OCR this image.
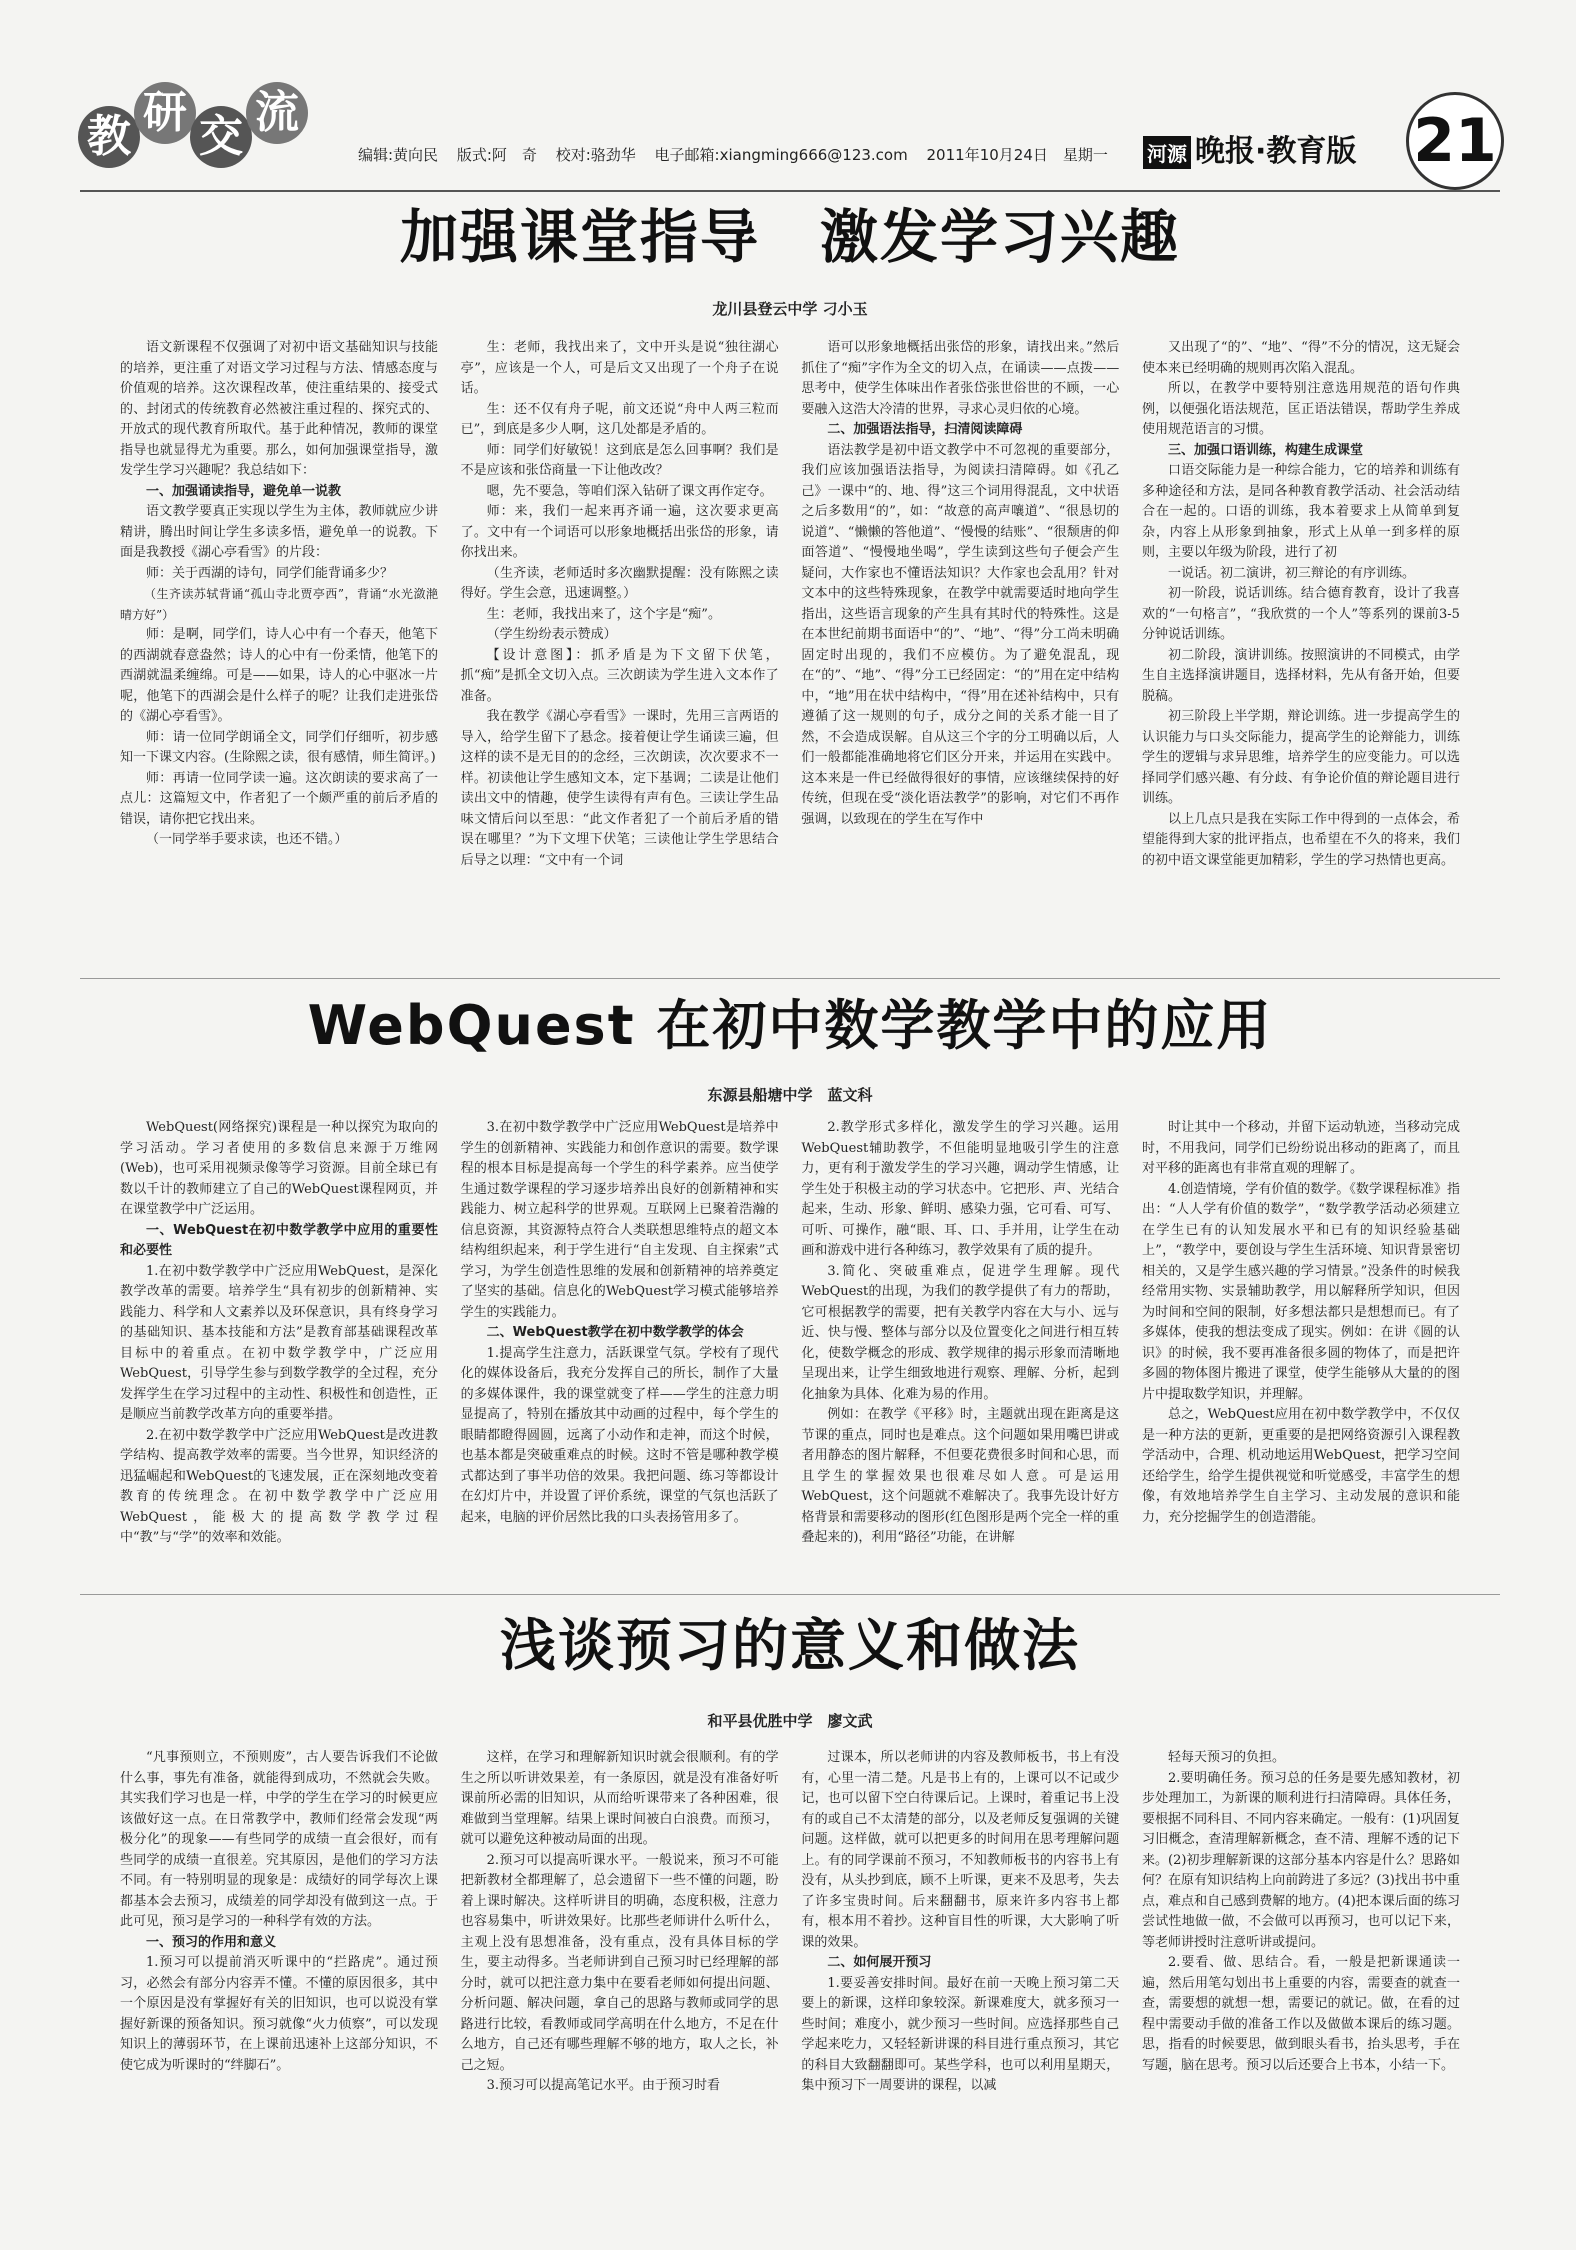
教 研 交 流
编辑:黄向民 版式:阿　奇 校对:骆劲华 电子邮箱:xiangming666@123.com 2011年10月24日　星期一	河源 晚报·教育版 21
加强课堂指导　激发学习兴趣
龙川县登云中学 刁小玉

语文新课程不仅强调了对初中语文基础知识与技能的培养，更注重了对语文学习过程与方法、情感态度与价值观的培养。这次课程改革，使注重结果的、接受式的、封闭式的传统教育必然被注重过程的、探究式的、开放式的现代教育所取代。基于此种情况，教师的课堂指导也就显得尤为重要。那么，如何加强课堂指导，激发学生学习兴趣呢？我总结如下：

一、加强诵读指导，避免单一说教

语文教学要真正实现以学生为主体，教师就应少讲精讲，腾出时间让学生多读多悟，避免单一的说教。下面是我教授《湖心亭看雪》的片段：

师：关于西湖的诗句，同学们能背诵多少？

（生齐读苏轼背诵“孤山寺北贾亭西”，背诵“水光潋滟晴方好”）

师：是啊，同学们，诗人心中有一个春天，他笔下的西湖就春意盎然；诗人的心中有一份柔情，他笔下的西湖就温柔缠绵。可是——如果，诗人的心中驱冰一片呢，他笔下的西湖会是什么样子的呢？让我们走进张岱的《湖心亭看雪》。

师：请一位同学朗诵全文，同学们仔细听，初步感知一下课文内容。(生除熙之读，很有感情，师生简评。)

师：再请一位同学读一遍。这次朗读的要求高了一点儿：这篇短文中，作者犯了一个颇严重的前后矛盾的错误，请你把它找出来。

（一同学举手要求读，也还不错。）

生：老师，我找出来了，文中开头是说“独往湖心亭”，应该是一个人，可是后文又出现了一个舟子在说话。

生：还不仅有舟子呢，前文还说“舟中人两三粒而已”，到底是多少人啊，这几处都是矛盾的。

师：同学们好敏锐！这到底是怎么回事啊？我们是不是应该和张岱商量一下让他改改？

嗯，先不要急，等咱们深入钻研了课文再作定夺。

师：来，我们一起来再齐诵一遍，这次要求更高了。文中有一个词语可以形象地概括出张岱的形象，请你找出来。

（生齐读，老师适时多次幽默提醒：没有陈熙之读得好。学生会意，迅速调整。）

生：老师，我找出来了，这个字是“痴”。

（学生纷纷表示赞成）

【设计意图】：抓矛盾是为下文留下伏笔，抓“痴”是抓全文切入点。三次朗读为学生进入文本作了准备。

我在教学《湖心亭看雪》一课时，先用三言两语的导入，给学生留下了悬念。接着便让学生诵读三遍，但这样的读不是无目的的念经，三次朗读，次次要求不一样。初读他让学生感知文本，定下基调；二读是让他们读出文中的情趣，使学生读得有声有色。三读让学生品味文情后问以至思：“此文作者犯了一个前后矛盾的错误在哪里？”为下文埋下伏笔；三读他让学生学思结合后导之以理：“文中有一个词

语可以形象地概括出张岱的形象，请找出来。”然后抓住了“痴”字作为全文的切入点，在诵读——点拨——思考中，使学生体味出作者张岱张世俗世的不顾，一心要融入这浩大冷清的世界，寻求心灵归依的心境。

二、加强语法指导，扫清阅读障碍

语法教学是初中语文教学中不可忽视的重要部分，我们应该加强语法指导，为阅读扫清障碍。如《孔乙己》一课中“的、地、得”这三个词用得混乱，文中状语之后多数用“的”，如：“故意的高声嚷道”、“很恳切的说道”、“懒懒的答他道”、“慢慢的结账”、“很颓唐的仰面答道”、“慢慢地坐喝”，学生读到这些句子便会产生疑问，大作家也不懂语法知识？大作家也会乱用？针对文本中的这些特殊现象，在教学中就需要适时地向学生指出，这些语言现象的产生具有其时代的特殊性。这是在本世纪前期书面语中“的”、“地”、“得”分工尚未明确固定时出现的，我们不应模仿。为了避免混乱，现在“的”、“地”、“得”分工已经固定：“的”用在定中结构中，“地”用在状中结构中，“得”用在述补结构中，只有遵循了这一规则的句子，成分之间的关系才能一目了然，不会造成误解。自从这三个字的分工明确以后，人们一般都能准确地将它们区分开来，并运用在实践中。这本来是一件已经做得很好的事情，应该继续保持的好传统，但现在受“淡化语法教学”的影响，对它们不再作强调，以致现在的学生在写作中

又出现了“的”、“地”、“得”不分的情况，这无疑会使本来已经明确的规则再次陷入混乱。

所以，在教学中要特别注意选用规范的语句作典例，以便强化语法规范，匡正语法错误，帮助学生养成使用规范语言的习惯。

三、加强口语训练，构建生成课堂

口语交际能力是一种综合能力，它的培养和训练有多种途径和方法，是同各种教育教学活动、社会活动结合在一起的。口语的训练，我本着要求上从简单到复杂，内容上从形象到抽象，形式上从单一到多样的原则，主要以年级为阶段，进行了初

一说话。初二演讲，初三辩论的有序训练。

初一阶段，说话训练。结合德育教育，设计了我喜欢的“一句格言”，“我欣赏的一个人”等系列的课前3-5分钟说话训练。

初二阶段，演讲训练。按照演讲的不同模式，由学生自主选择演讲题目，选择材料，先从有备开始，但要脱稿。

初三阶段上半学期，辩论训练。进一步提高学生的认识能力与口头交际能力，提高学生的论辩能力，训练学生的逻辑与求异思维，培养学生的应变能力。可以选择同学们感兴趣、有分歧、有争论价值的辩论题目进行训练。

以上几点只是我在实际工作中得到的一点体会，希望能得到大家的批评指点，也希望在不久的将来，我们的初中语文课堂能更加精彩，学生的学习热情也更高。

WebQuest 在初中数学教学中的应用
东源县船塘中学　蓝文科

WebQuest(网络探究)课程是一种以探究为取向的学习活动。学习者使用的多数信息来源于万维网(Web)，也可采用视频录像等学习资源。目前全球已有数以千计的教师建立了自己的WebQuest课程网页，并在课堂教学中广泛运用。

一、WebQuest在初中数学教学中应用的重要性和必要性

1.在初中数学教学中广泛应用WebQuest，是深化教学改革的需要。培养学生“具有初步的创新精神、实践能力、科学和人文素养以及环保意识，具有终身学习的基础知识、基本技能和方法”是教育部基础课程改革目标中的着重点。在初中数学教学中，广泛应用WebQuest，引导学生参与到数学教学的全过程，充分发挥学生在学习过程中的主动性、积极性和创造性，正是顺应当前教学改革方向的重要举措。

2.在初中数学教学中广泛应用WebQuest是改进教学结构、提高教学效率的需要。当今世界，知识经济的迅猛崛起和WebQuest的飞速发展，正在深刻地改变着教育的传统理念。在初中数学教学中广泛应用WebQuest，能极大的提高数学教学过程中“教”与“学”的效率和效能。

3.在初中数学教学中广泛应用WebQuest是培养中学生的创新精神、实践能力和创作意识的需要。数学课程的根本目标是提高每一个学生的科学素养。应当使学生通过数学课程的学习逐步培养出良好的创新精神和实践能力、树立起科学的世界观。互联网上已聚着浩瀚的信息资源，其资源特点符合人类联想思维特点的超文本结构组织起来，利于学生进行“自主发现、自主探索”式学习，为学生创造性思维的发展和创新精神的培养奠定了坚实的基础。信息化的WebQuest学习模式能够培养学生的实践能力。

二、WebQuest教学在初中数学教学的体会

1.提高学生注意力，活跃课堂气氛。学校有了现代化的媒体设备后，我充分发挥自己的所长，制作了大量的多媒体课件，我的课堂就变了样——学生的注意力明显提高了，特别在播放其中动画的过程中，每个学生的眼睛都瞪得圆圆，远离了小动作和走神，而这个时候，也基本都是突破重难点的时候。这时不管是哪种教学模式都达到了事半功倍的效果。我把问题、练习等都设计在幻灯片中，并设置了评价系统，课堂的气氛也活跃了起来，电脑的评价居然比我的口头表扬管用多了。

2.教学形式多样化，激发学生的学习兴趣。运用WebQuest辅助教学，不但能明显地吸引学生的注意力，更有利于激发学生的学习兴趣，调动学生情感，让学生处于积极主动的学习状态中。它把形、声、光结合起来，生动、形象、鲜明、感染力强，它可看、可写、可听、可操作，融“眼、耳、口、手并用，让学生在动画和游戏中进行各种练习，教学效果有了质的提升。

3.简化、突破重难点，促进学生理解。现代WebQuest的出现，为我们的教学提供了有力的帮助，它可根据教学的需要，把有关教学内容在大与小、远与近、快与慢、整体与部分以及位置变化之间进行相互转化，使数学概念的形成、教学规律的揭示形象而清晰地呈现出来，让学生细致地进行观察、理解、分析，起到化抽象为具体、化难为易的作用。

例如：在教学《平移》时，主题就出现在距离是这节课的重点，同时也是难点。这个问题如果用嘴巴讲或者用静态的图片解释，不但要花费很多时间和心思，而且学生的掌握效果也很难尽如人意。可是运用WebQuest，这个问题就不难解决了。我事先设计好方格背景和需要移动的图形(红色图形是两个完全一样的重叠起来的)，利用“路径”功能，在讲解

时让其中一个移动，并留下运动轨迹，当移动完成时，不用我问，同学们已纷纷说出移动的距离了，而且对平移的距离也有非常直观的理解了。

4.创造情境，学有价值的数学。《数学课程标准》指出：“人人学有价值的数学”，“数学教学活动必须建立在学生已有的认知发展水平和已有的知识经验基础上”，“教学中，要创设与学生生活环境、知识背景密切相关的，又是学生感兴趣的学习情景。”没条件的时候我经常用实物、实景辅助教学，用以解释所学知识，但因为时间和空间的限制，好多想法都只是想想而已。有了多媒体，使我的想法变成了现实。例如：在讲《圆的认识》的时候，我不要再准备很多圆的物体了，而是把许多圆的物体图片搬进了课堂，使学生能够从大量的的图片中提取数学知识，并理解。

总之，WebQuest应用在初中数学教学中，不仅仅是一种方法的更新，更重要的是把网络资源引入课程教学活动中，合理、机动地运用WebQuest，把学习空间还给学生，给学生提供视觉和听觉感受，丰富学生的想像，有效地培养学生自主学习、主动发展的意识和能力，充分挖掘学生的创造潜能。

浅谈预习的意义和做法
和平县优胜中学　廖文武

“凡事预则立，不预则废”，古人要告诉我们不论做什么事，事先有准备，就能得到成功，不然就会失败。其实我们学习也是一样，中学的学生在学习的时候更应该做好这一点。在日常教学中，教师们经常会发现“两极分化”的现象——有些同学的成绩一直会很好，而有些同学的成绩一直很差。究其原因，是他们的学习方法不同。有一特别明显的现象是：成绩好的同学每次上课都基本会去预习，成绩差的同学却没有做到这一点。于此可见，预习是学习的一种科学有效的方法。

一、预习的作用和意义

1.预习可以提前消灭听课中的“拦路虎”。通过预习，必然会有部分内容弄不懂。不懂的原因很多，其中一个原因是没有掌握好有关的旧知识，也可以说没有掌握好新课的预备知识。预习就像“火力侦察”，可以发现知识上的薄弱环节，在上课前迅速补上这部分知识，不使它成为听课时的“绊脚石”。

这样，在学习和理解新知识时就会很顺利。有的学生之所以听讲效果差，有一条原因，就是没有准备好听课前所必需的旧知识，从而给听课带来了各种困难，很难做到当堂理解。结果上课时间被白白浪费。而预习，就可以避免这种被动局面的出现。

2.预习可以提高听课水平。一般说来，预习不可能把新教材全都理解了，总会遗留下一些不懂的问题，盼着上课时解决。这样听讲目的明确，态度积极，注意力也容易集中，听讲效果好。比那些老师讲什么听什么，主观上没有思想准备，没有重点，没有具体目标的学生，要主动得多。当老师讲到自己预习时已经理解的部分时，就可以把注意力集中在要看老师如何提出问题、分析问题、解决问题，拿自己的思路与教师或同学的思路进行比较，看教师或同学高明在什么地方，不足在什么地方，自己还有哪些理解不够的地方，取人之长，补己之短。

3.预习可以提高笔记水平。由于预习时看

过课本，所以老师讲的内容及教师板书，书上有没有，心里一清二楚。凡是书上有的，上课可以不记或少记，也可以留下空白待课后记。上课时，着重记书上没有的或自己不太清楚的部分，以及老师反复强调的关键问题。这样做，就可以把更多的时间用在思考理解问题上。有的同学课前不预习，不知教师板书的内容书上有没有，从头抄到底，顾不上听课，更来不及思考，失去了许多宝贵时间。后来翻翻书，原来许多内容书上都有，根本用不着抄。这种盲目性的听课，大大影响了听课的效果。

二、如何展开预习

1.要妥善安排时间。最好在前一天晚上预习第二天要上的新课，这样印象较深。新课难度大，就多预习一些时间；难度小，就少预习一些时间。应选择那些自己学起来吃力，又轻轻新讲课的科目进行重点预习，其它的科目大致翻翻即可。某些学科，也可以利用星期天，集中预习下一周要讲的课程，以减

轻每天预习的负担。

2.要明确任务。预习总的任务是要先感知教材，初步处理加工，为新课的顺利进行扫清障碍。具体任务，要根据不同科目、不同内容来确定。一般有：(1)巩固复习旧概念，查清理解新概念，查不清、理解不透的记下来。(2)初步理解新课的这部分基本内容是什么？思路如何？在原有知识结构上向前跨进了多远？(3)找出书中重点，难点和自己感到费解的地方。(4)把本课后面的练习尝试性地做一做，不会做可以再预习，也可以记下来，等老师讲授时注意听讲或提问。

2.要看、做、思结合。看，一般是把新课通读一遍，然后用笔勾划出书上重要的内容，需要查的就查一查，需要想的就想一想，需要记的就记。做，在看的过程中需要动手做的准备工作以及做做本课后的练习题。思，指看的时候要思，做到眼头看书，抬头思考，手在写题，脑在思考。预习以后还要合上书本，小结一下。
